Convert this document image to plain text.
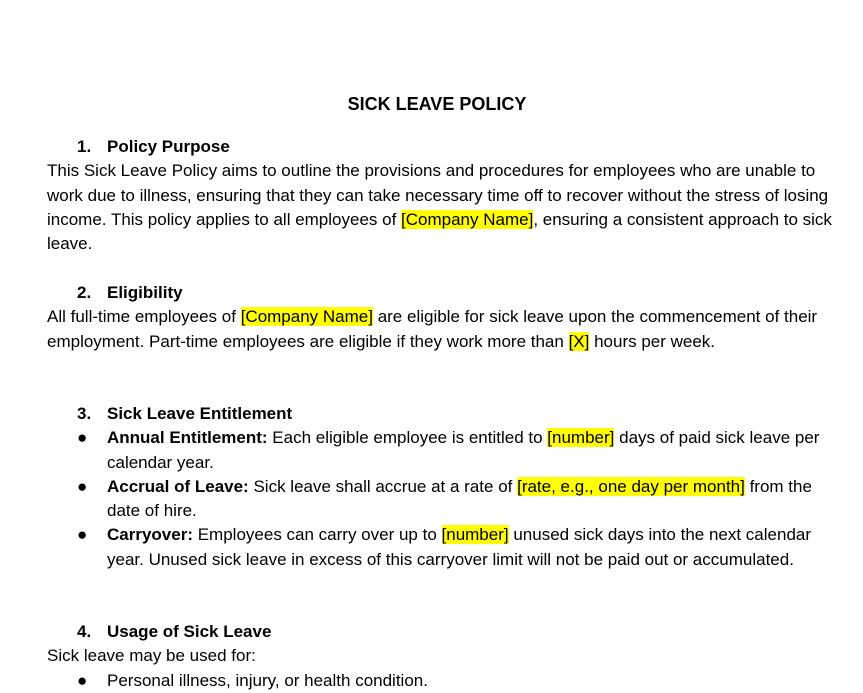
SICK LEAVE POLICY
1. Policy Purpose

This Sick Leave Policy aims to outline the provisions and procedures for employees who are unable to work due to illness, ensuring that they can take necessary time off to recover without the stress of losing income. This policy applies to all employees of [Company Name], ensuring a consistent approach to sick leave.

2. Eligibility

All full-time employees of [Company Name] are eligible for sick leave upon the commencement of their employment. Part-time employees are eligible if they work more than [X] hours per week.

3. Sick Leave Entitlement
● Annual Entitlement: Each eligible employee is entitled to [number] days of paid sick leave per calendar year.
● Accrual of Leave: Sick leave shall accrue at a rate of [rate, e.g., one day per month] from the date of hire.
● Carryover: Employees can carry over up to [number] unused sick days into the next calendar year. Unused sick leave in excess of this carryover limit will not be paid out or accumulated.
4. Usage of Sick Leave

Sick leave may be used for:

● Personal illness, injury, or health condition.
